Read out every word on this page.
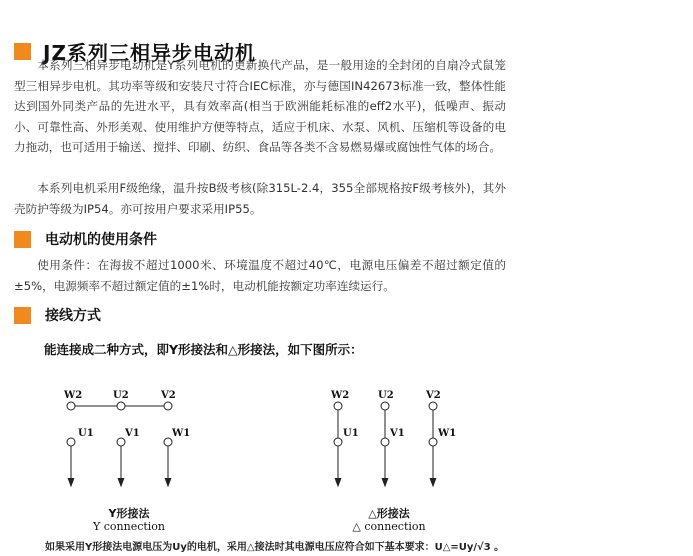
JZ系列三相异步电动机

本系列三相异步电动机是Y系列电机的更新换代产品，是一般用途的全封闭的自扇冷式鼠笼型三相异步电机。其功率等级和安装尺寸符合IEC标准，亦与德国IN42673标准一致，整体性能达到国外同类产品的先进水平，具有效率高(相当于欧洲能耗标准的eff2水平)，低噪声、振动小、可靠性高、外形美观、使用维护方便等特点，适应于机床、水泵、风机、压缩机等设备的电力拖动，也可适用于输送、搅拌、印刷、纺织、食品等各类不含易燃易爆或腐蚀性气体的场合。

本系列电机采用F级绝缘，温升按B级考核(除315L-2.4，355全部规格按F级考核外)，其外壳防护等级为IP54。亦可按用户要求采用IP55。

电动机的使用条件

使用条件：在海拔不超过1000米、环境温度不超过40℃，电源电压偏差不超过额定值的±5%，电源频率不超过额定值的±1%时，电动机能按额定功率连续运行。

接线方式
能连接成二种方式，即Y形接法和△形接法，如下图所示：
W2	U2	V2
U1	V1	W1
W2	U2	V2
U1	V1	W1
Y形接法
Y connection
△形接法
△ connection
如果采用Y形接法电源电压为Uy的电机，采用△接法时其电源电压应符合如下基本要求：U△=Uy/√3 。
